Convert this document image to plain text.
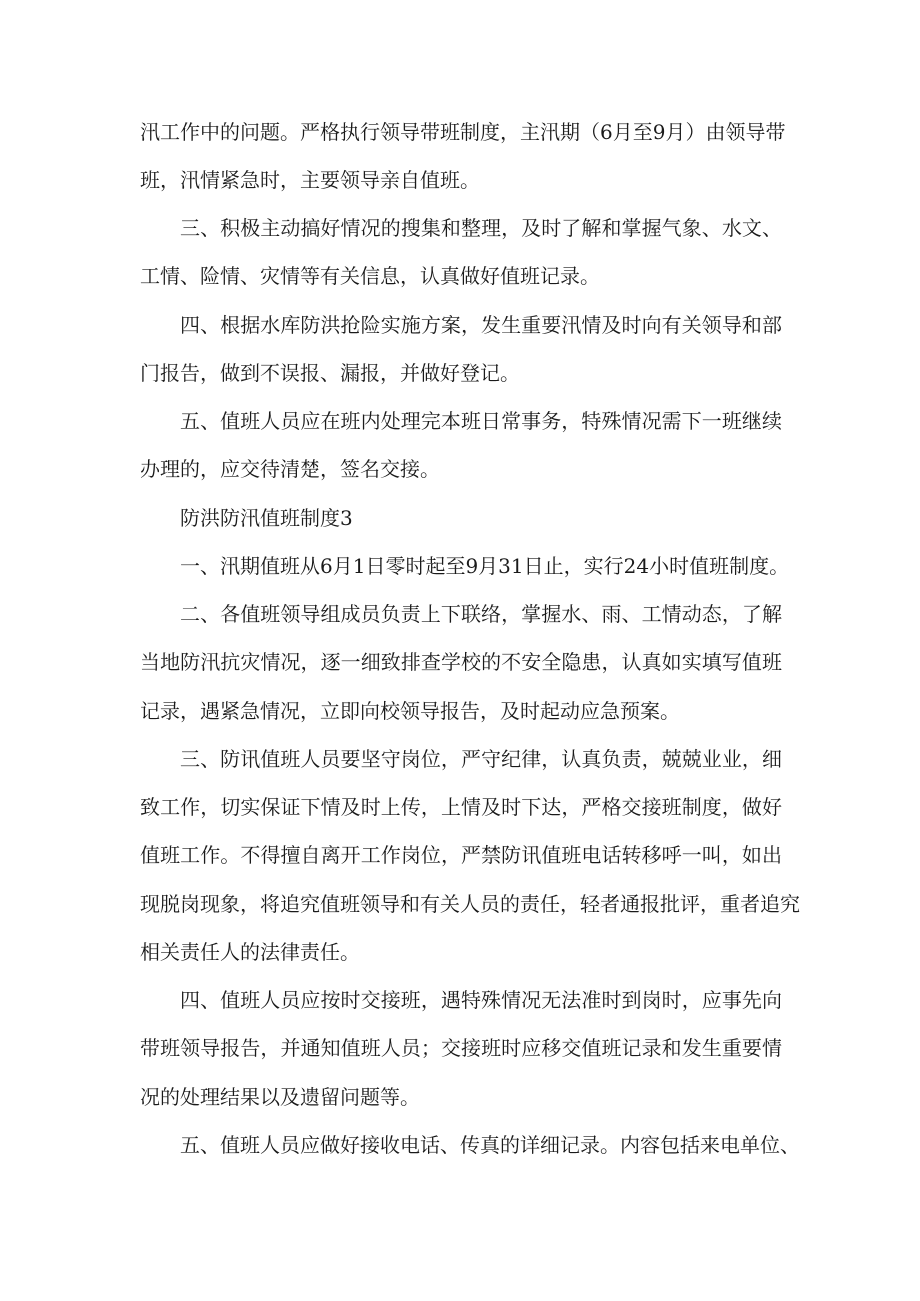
汛工作中的问题。严格执行领导带班制度，主汛期（6月至9月）由领导带
班，汛情紧急时，主要领导亲自值班。
三、积极主动搞好情况的搜集和整理，及时了解和掌握气象、水文、
工情、险情、灾情等有关信息，认真做好值班记录。
四、根据水库防洪抢险实施方案，发生重要汛情及时向有关领导和部
门报告，做到不误报、漏报，并做好登记。
五、值班人员应在班内处理完本班日常事务，特殊情况需下一班继续
办理的，应交待清楚，签名交接。
防洪防汛值班制度3
一、汛期值班从6月1日零时起至9月31日止，实行24小时值班制度。
二、各值班领导组成员负责上下联络，掌握水、雨、工情动态，了解
当地防汛抗灾情况，逐一细致排查学校的不安全隐患，认真如实填写值班
记录，遇紧急情况，立即向校领导报告，及时起动应急预案。
三、防讯值班人员要坚守岗位，严守纪律，认真负责，兢兢业业，细
致工作，切实保证下情及时上传，上情及时下达，严格交接班制度，做好
值班工作。不得擅自离开工作岗位，严禁防讯值班电话转移呼一叫，如出
现脱岗现象，将追究值班领导和有关人员的责任，轻者通报批评，重者追究
相关责任人的法律责任。
四、值班人员应按时交接班，遇特殊情况无法准时到岗时，应事先向
带班领导报告，并通知值班人员；交接班时应移交值班记录和发生重要情
况的处理结果以及遗留问题等。
五、值班人员应做好接收电话、传真的详细记录。内容包括来电单位、
